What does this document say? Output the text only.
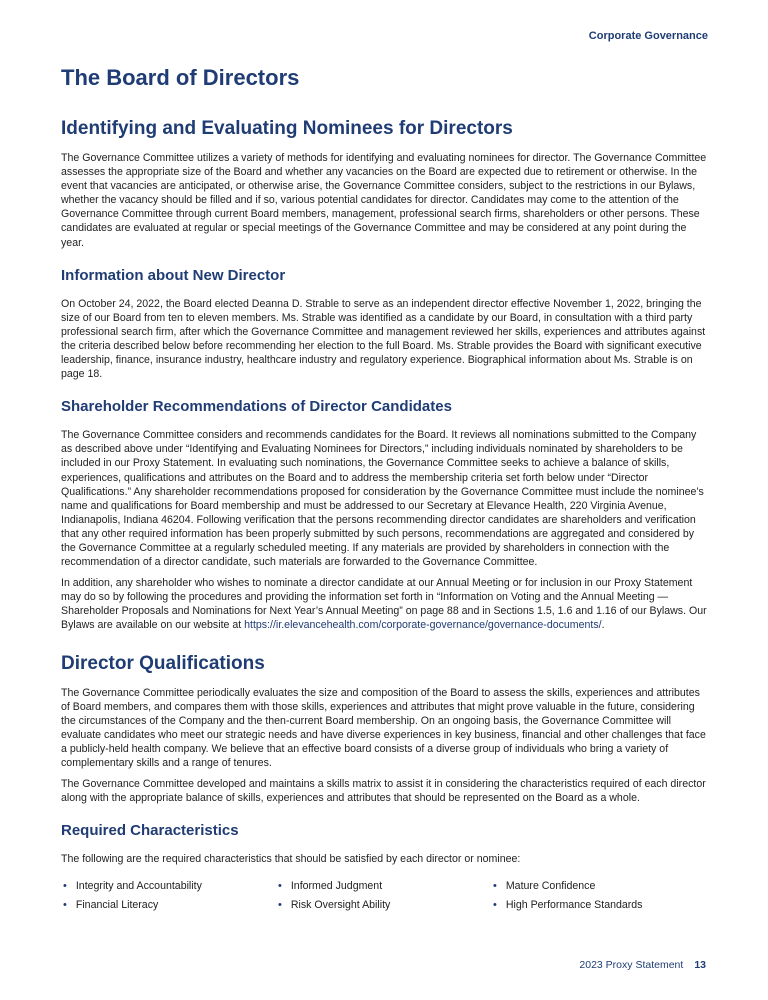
Corporate Governance
The Board of Directors
Identifying and Evaluating Nominees for Directors

The Governance Committee utilizes a variety of methods for identifying and evaluating nominees for director. The Governance Committee assesses the appropriate size of the Board and whether any vacancies on the Board are expected due to retirement or otherwise. In the event that vacancies are anticipated, or otherwise arise, the Governance Committee considers, subject to the restrictions in our Bylaws, whether the vacancy should be filled and if so, various potential candidates for director. Candidates may come to the attention of the Governance Committee through current Board members, management, professional search firms, shareholders or other persons. These candidates are evaluated at regular or special meetings of the Governance Committee and may be considered at any point during the year.

Information about New Director

On October 24, 2022, the Board elected Deanna D. Strable to serve as an independent director effective November 1, 2022, bringing the size of our Board from ten to eleven members. Ms. Strable was identified as a candidate by our Board, in consultation with a third party professional search firm, after which the Governance Committee and management reviewed her skills, experiences and attributes against the criteria described below before recommending her election to the full Board. Ms. Strable provides the Board with significant executive leadership, finance, insurance industry, healthcare industry and regulatory experience. Biographical information about Ms. Strable is on page 18.

Shareholder Recommendations of Director Candidates

The Governance Committee considers and recommends candidates for the Board. It reviews all nominations submitted to the Company as described above under “Identifying and Evaluating Nominees for Directors,” including individuals nominated by shareholders to be included in our Proxy Statement. In evaluating such nominations, the Governance Committee seeks to achieve a balance of skills, experiences, qualifications and attributes on the Board and to address the membership criteria set forth below under “Director Qualifications.” Any shareholder recommendations proposed for consideration by the Governance Committee must include the nominee’s name and qualifications for Board membership and must be addressed to our Secretary at Elevance Health, 220 Virginia Avenue, Indianapolis, Indiana 46204. Following verification that the persons recommending director candidates are shareholders and verification that any other required information has been properly submitted by such persons, recommendations are aggregated and considered by the Governance Committee at a regularly scheduled meeting. If any materials are provided by shareholders in connection with the recommendation of a director candidate, such materials are forwarded to the Governance Committee.

In addition, any shareholder who wishes to nominate a director candidate at our Annual Meeting or for inclusion in our Proxy Statement may do so by following the procedures and providing the information set forth in “Information on Voting and the Annual Meeting — Shareholder Proposals and Nominations for Next Year’s Annual Meeting” on page 88 and in Sections 1.5, 1.6 and 1.16 of our Bylaws. Our Bylaws are available on our website at https://ir.elevancehealth.com/corporate-governance/governance-documents/.

Director Qualifications

The Governance Committee periodically evaluates the size and composition of the Board to assess the skills, experiences and attributes of Board members, and compares them with those skills, experiences and attributes that might prove valuable in the future, considering the circumstances of the Company and the then-current Board membership. On an ongoing basis, the Governance Committee will evaluate candidates who meet our strategic needs and have diverse experiences in key business, financial and other challenges that face a publicly-held health company. We believe that an effective board consists of a diverse group of individuals who bring a variety of complementary skills and a range of tenures.

The Governance Committee developed and maintains a skills matrix to assist it in considering the characteristics required of each director along with the appropriate balance of skills, experiences and attributes that should be represented on the Board as a whole.

Required Characteristics

The following are the required characteristics that should be satisfied by each director or nominee:

• Integrity and Accountability	• Informed Judgment	• Mature Confidence
• Financial Literacy	• Risk Oversight Ability	• High Performance Standards
2023 Proxy Statement 13
